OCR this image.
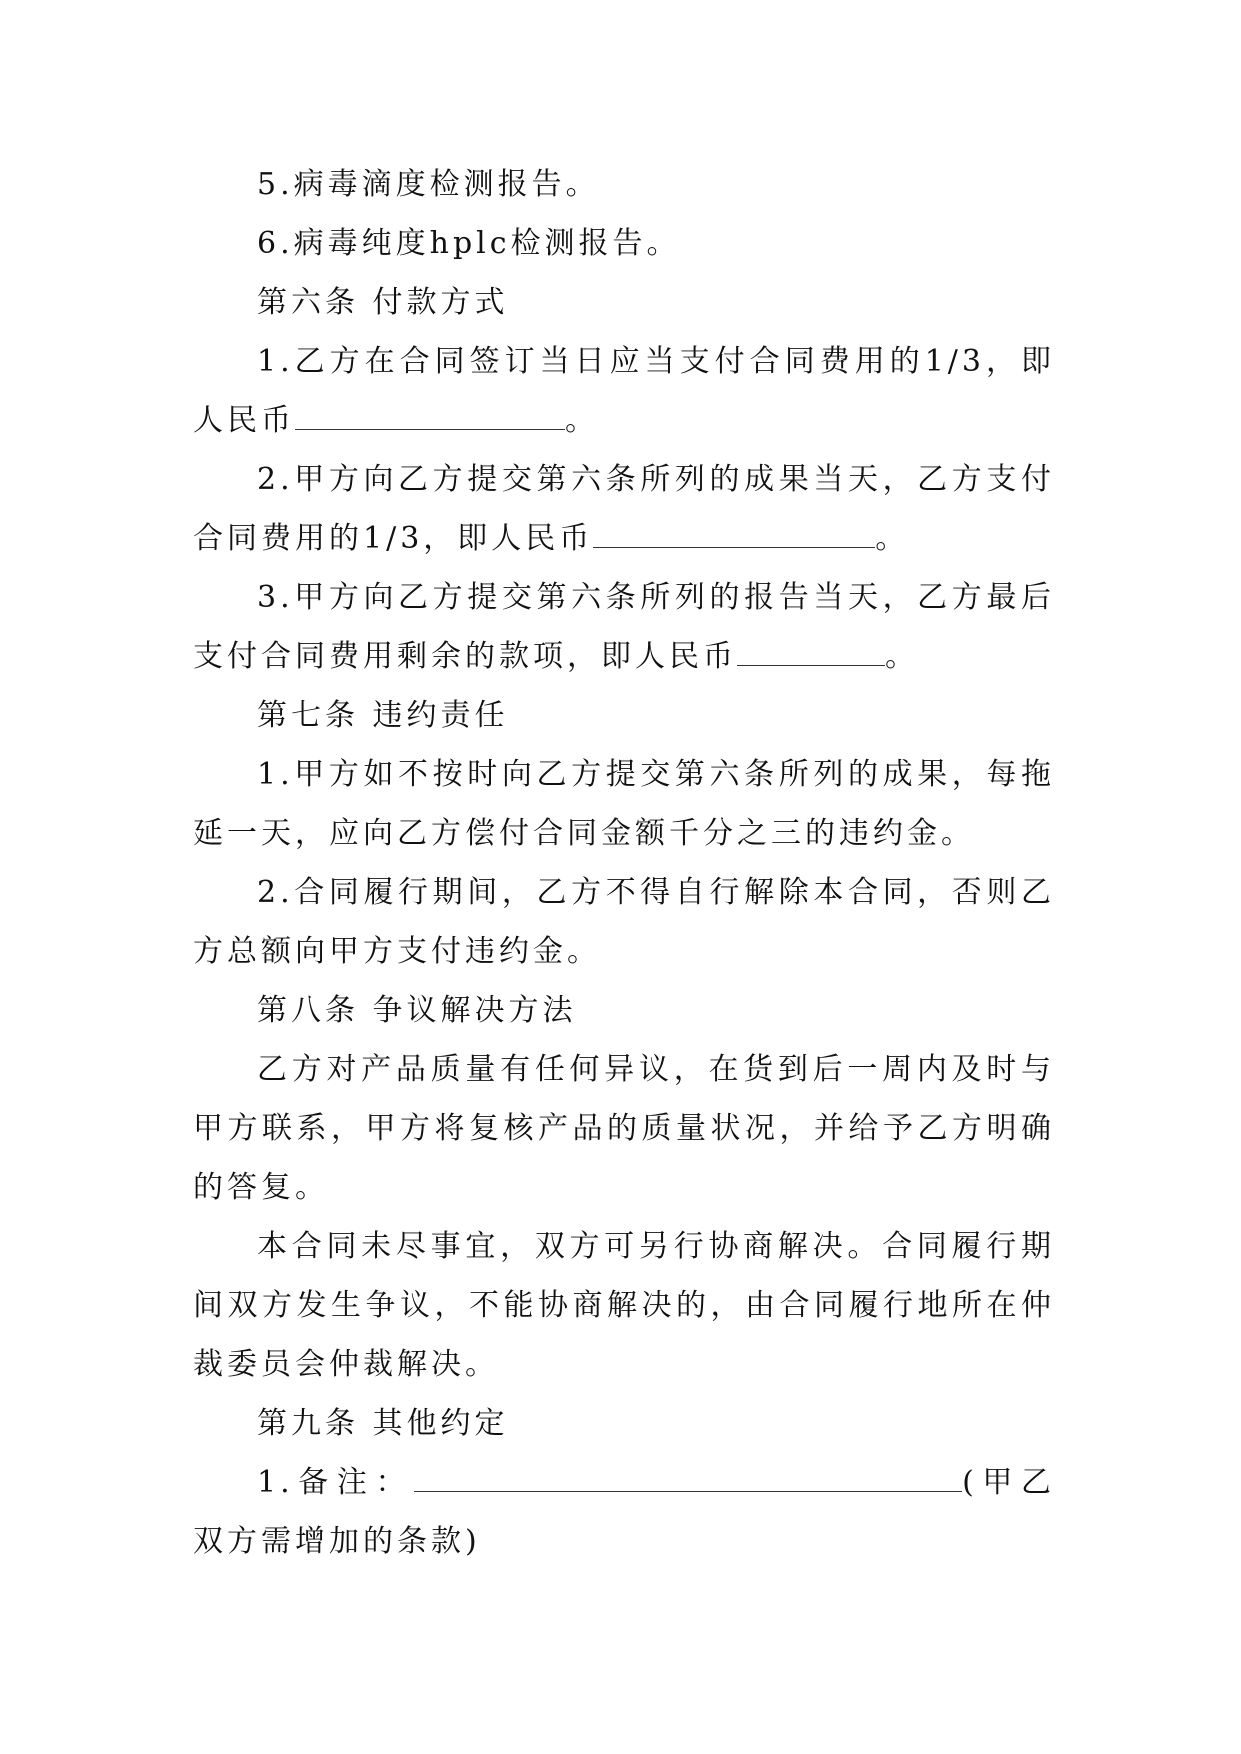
5.病毒滴度检测报告。

6.病毒纯度hplc检测报告。

第六条 付款方式

1.乙方在合同签订当日应当支付合同费用的1/3，即人民币	。

2.甲方向乙方提交第六条所列的成果当天，乙方支付合同费用的1/3，即人民币	。

3.甲方向乙方提交第六条所列的报告当天，乙方最后支付合同费用剩余的款项，即人民币	。

第七条 违约责任

1.甲方如不按时向乙方提交第六条所列的成果，每拖延一天，应向乙方偿付合同金额千分之三的违约金。

2.合同履行期间，乙方不得自行解除本合同，否则乙方总额向甲方支付违约金。

第八条 争议解决方法

乙方对产品质量有任何异议，在货到后一周内及时与甲方联系，甲方将复核产品的质量状况，并给予乙方明确的答复。

本合同未尽事宜，双方可另行协商解决。合同履行期间双方发生争议，不能协商解决的，由合同履行地所在仲裁委员会仲裁解决。

第九条 其他约定

1.备注：	(甲乙双方需增加的条款)
